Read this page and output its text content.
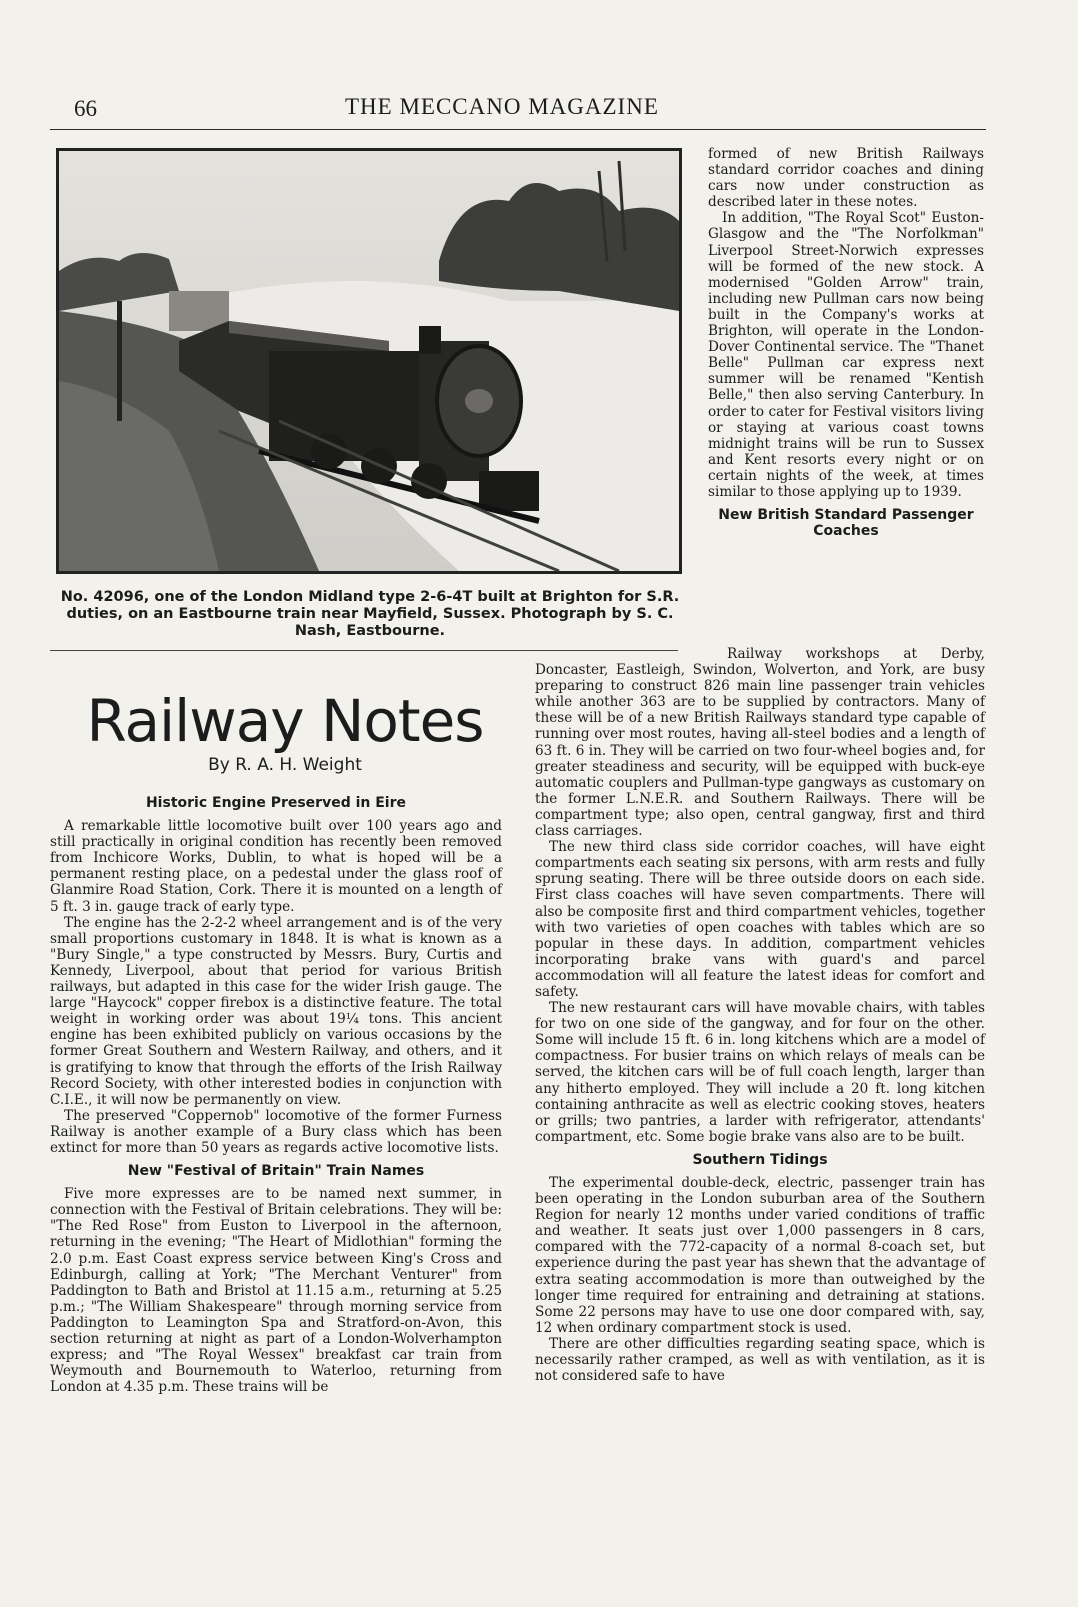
66	THE MECCANO MAGAZINE
No. 42096, one of the London Midland type 2-6-4T built at Brighton for S.R. duties, on an Eastbourne train near Mayfield, Sussex. Photograph by S. C. Nash, Eastbourne.
Railway Notes
By R. A. H. Weight
Historic Engine Preserved in Eire

A remarkable little locomotive built over 100 years ago and still practically in original condition has recently been removed from Inchicore Works, Dublin, to what is hoped will be a permanent resting place, on a pedestal under the glass roof of Glanmire Road Station, Cork. There it is mounted on a length of 5 ft. 3 in. gauge track of early type.

The engine has the 2-2-2 wheel arrangement and is of the very small proportions customary in 1848. It is what is known as a "Bury Single," a type constructed by Messrs. Bury, Curtis and Kennedy, Liverpool, about that period for various British railways, but adapted in this case for the wider Irish gauge. The large "Haycock" copper firebox is a distinctive feature. The total weight in working order was about 19¼ tons. This ancient engine has been exhibited publicly on various occasions by the former Great Southern and Western Railway, and others, and it is gratifying to know that through the efforts of the Irish Railway Record Society, with other interested bodies in conjunction with C.I.E., it will now be permanently on view.

The preserved "Coppernob" locomotive of the former Furness Railway is another example of a Bury class which has been extinct for more than 50 years as regards active locomotive lists.

New "Festival of Britain" Train Names

Five more expresses are to be named next summer, in connection with the Festival of Britain celebrations. They will be: "The Red Rose" from Euston to Liverpool in the afternoon, returning in the evening; "The Heart of Midlothian" forming the 2.0 p.m. East Coast express service between King's Cross and Edinburgh, calling at York; "The Merchant Venturer" from Paddington to Bath and Bristol at 11.15 a.m., returning at 5.25 p.m.; "The William Shakespeare" through morning service from Paddington to Leamington Spa and Stratford-on-Avon, this section returning at night as part of a London-Wolverhampton express; and "The Royal Wessex" breakfast car train from Weymouth and Bournemouth to Waterloo, returning from London at 4.35 p.m. These trains will be

formed of new British Railways standard corridor coaches and dining cars now under construction as described later in these notes.

In addition, "The Royal Scot" Euston-Glasgow and the "The Norfolkman" Liverpool Street-Norwich expresses will be formed of the new stock. A modernised "Golden Arrow" train, including new Pullman cars now being built in the Company's works at Brighton, will operate in the London-Dover Continental service. The "Thanet Belle" Pullman car express next summer will be renamed "Kentish Belle," then also serving Canterbury. In order to cater for Festival visitors living or staying at various coast towns midnight trains will be run to Sussex and Kent resorts every night or on certain nights of the week, at times similar to those applying up to 1939.

New British Standard Passenger Coaches

Railway workshops at Derby, Doncaster, Eastleigh, Swindon, Wolverton, and York, are busy preparing to construct 826 main line passenger train vehicles while another 363 are to be supplied by contractors. Many of these will be of a new British Railways standard type capable of running over most routes, having all-steel bodies and a length of 63 ft. 6 in. They will be carried on two four-wheel bogies and, for greater steadiness and security, will be equipped with buck-eye automatic couplers and Pullman-type gangways as customary on the former L.N.E.R. and Southern Railways. There will be compartment type; also open, central gangway, first and third class carriages.

The new third class side corridor coaches, will have eight compartments each seating six persons, with arm rests and fully sprung seating. There will be three outside doors on each side. First class coaches will have seven compartments. There will also be composite first and third compartment vehicles, together with two varieties of open coaches with tables which are so popular in these days. In addition, compartment vehicles incorporating brake vans with guard's and parcel accommodation will all feature the latest ideas for comfort and safety.

The new restaurant cars will have movable chairs, with tables for two on one side of the gangway, and for four on the other. Some will include 15 ft. 6 in. long kitchens which are a model of compactness. For busier trains on which relays of meals can be served, the kitchen cars will be of full coach length, larger than any hitherto employed. They will include a 20 ft. long kitchen containing anthracite as well as electric cooking stoves, heaters or grills; two pantries, a larder with refrigerator, attendants' compartment, etc. Some bogie brake vans also are to be built.

Southern Tidings

The experimental double-deck, electric, passenger train has been operating in the London suburban area of the Southern Region for nearly 12 months under varied conditions of traffic and weather. It seats just over 1,000 passengers in 8 cars, compared with the 772-capacity of a normal 8-coach set, but experience during the past year has shewn that the advantage of extra seating accommodation is more than outweighed by the longer time required for entraining and detraining at stations. Some 22 persons may have to use one door compared with, say, 12 when ordinary compartment stock is used.

There are other difficulties regarding seating space, which is necessarily rather cramped, as well as with ventilation, as it is not considered safe to have
